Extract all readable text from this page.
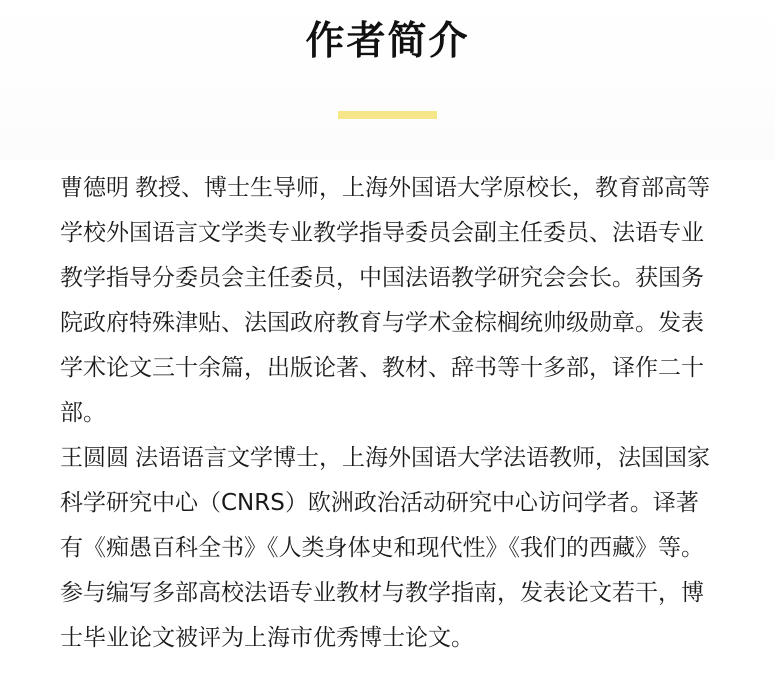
作者简介

曹德明 教授、博士生导师，上海外国语大学原校长，教育部高等学校外国语言文学类专业教学指导委员会副主任委员、法语专业教学指导分委员会主任委员，中国法语教学研究会会长。获国务院政府特殊津贴、法国政府教育与学术金棕榈统帅级勋章。发表学术论文三十余篇，出版论著、教材、辞书等十多部，译作二十部。

王圆圆 法语语言文学博士，上海外国语大学法语教师，法国国家科学研究中心（CNRS）欧洲政治活动研究中心访问学者。译著有《痴愚百科全书》《人类身体史和现代性》《我们的西藏》等。参与编写多部高校法语专业教材与教学指南，发表论文若干，博士毕业论文被评为上海市优秀博士论文。
